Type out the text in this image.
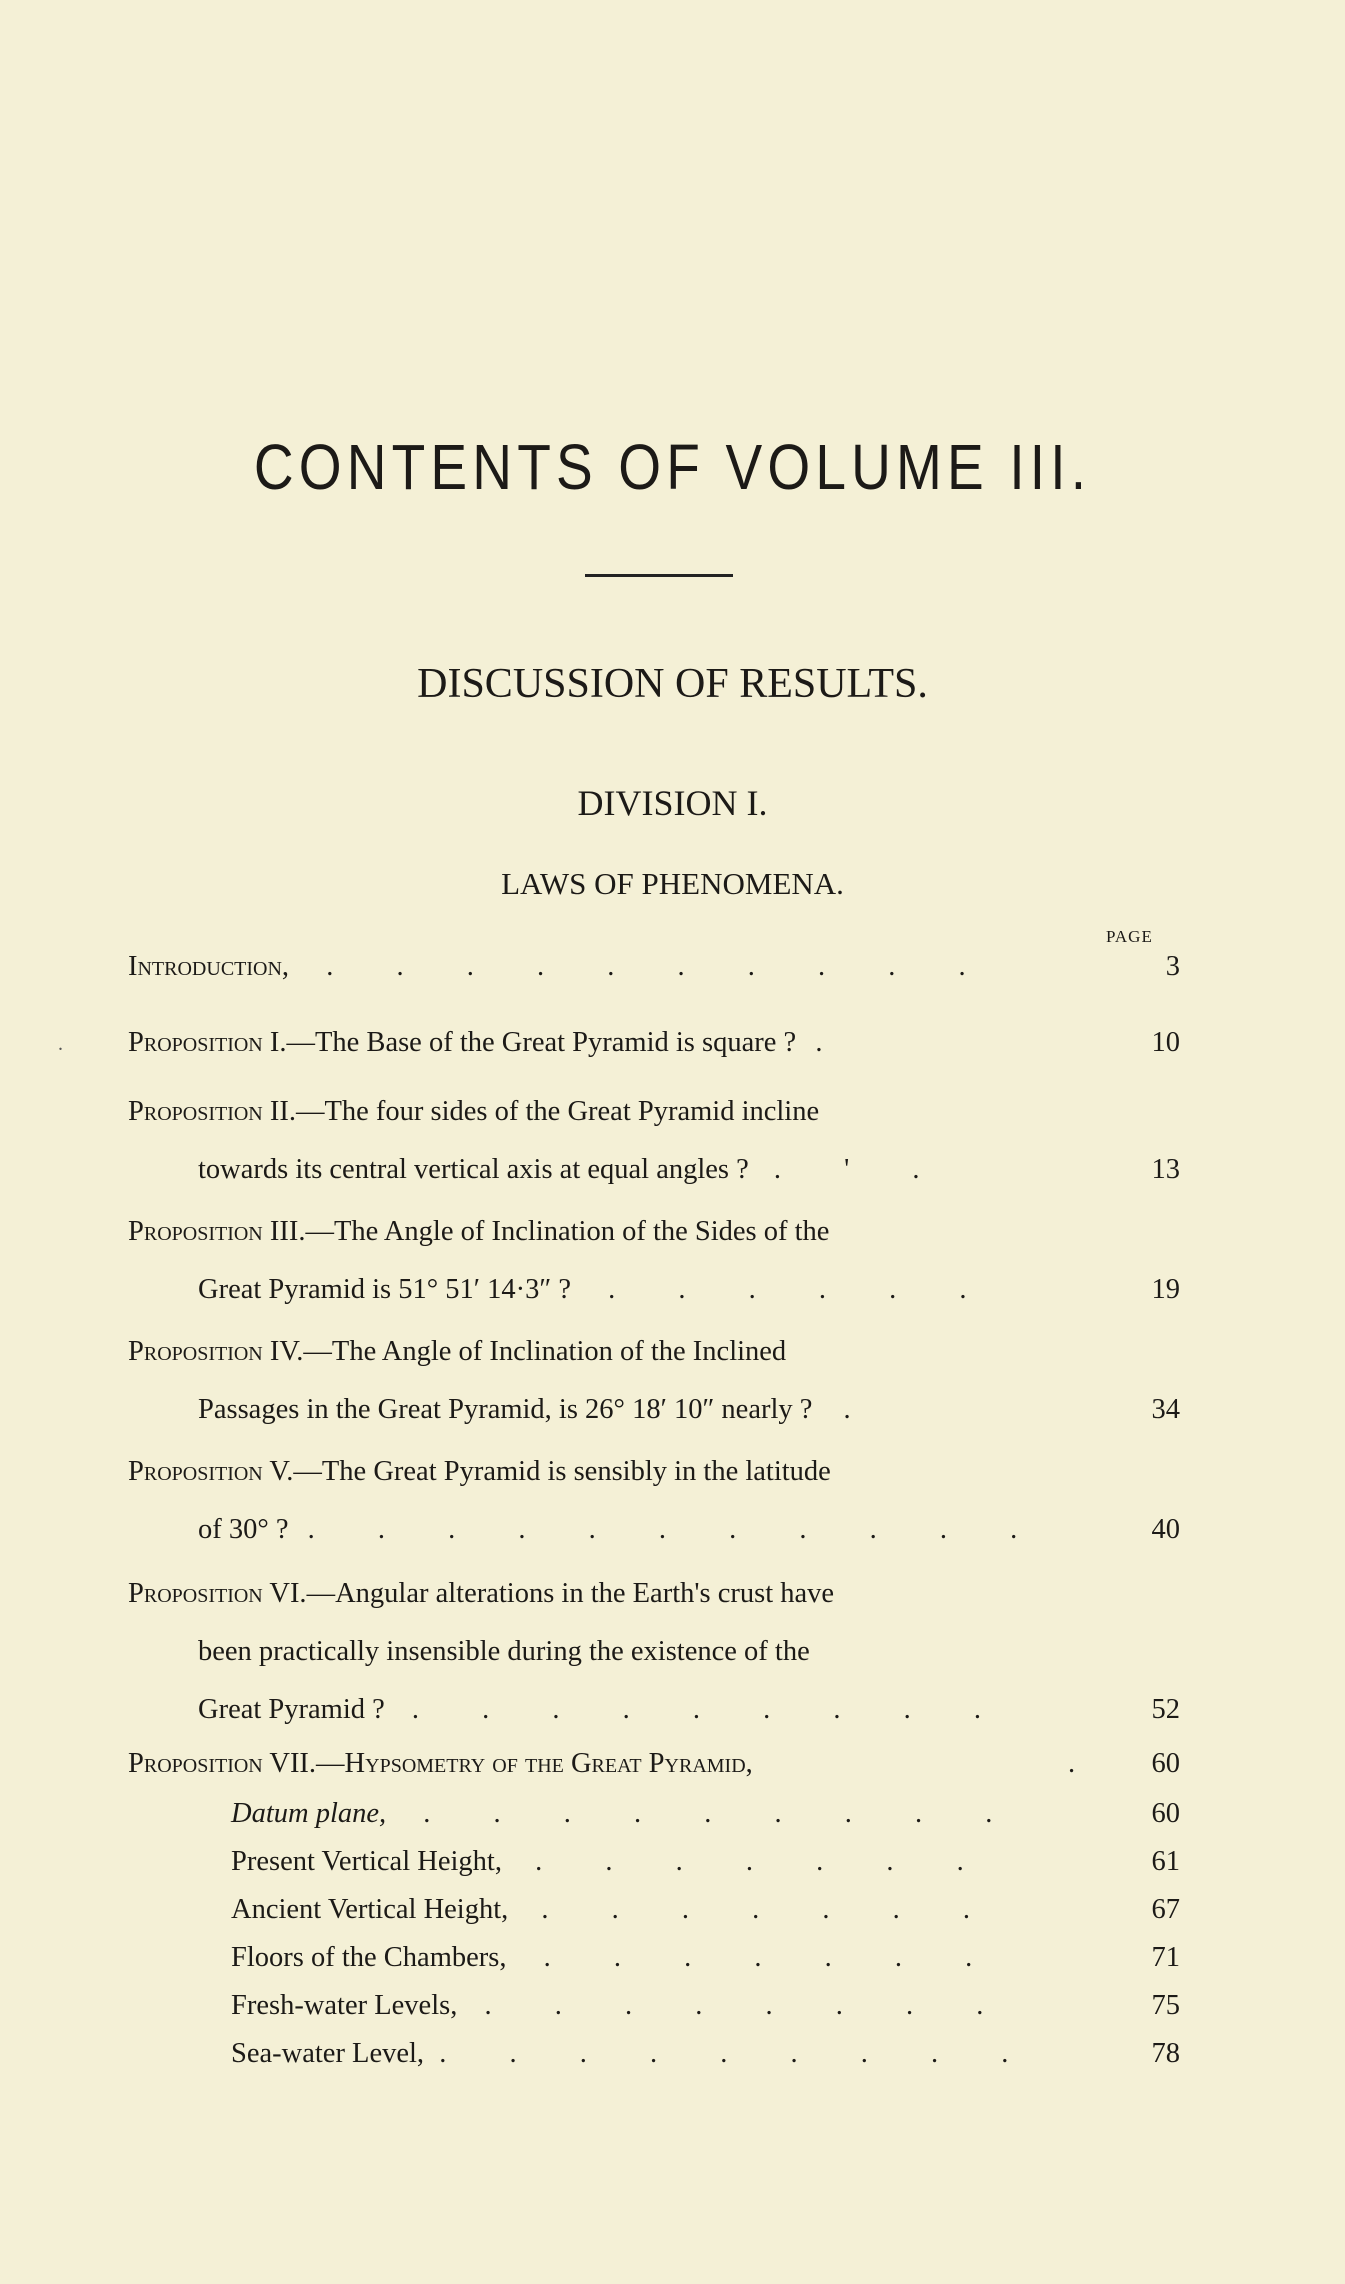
CONTENTS OF VOLUME III.
DISCUSSION OF RESULTS.
DIVISION I.
LAWS OF PHENOMENA.
PAGE
.
Introduction, . . . . . . . . . .	3
Proposition I.—The Base of the Great Pyramid is square ? .	10
Proposition II.—The four sides of the Great Pyramid incline
towards its central vertical axis at equal angles ? . ' .	13
Proposition III.—The Angle of Inclination of the Sides of the
Great Pyramid is 51° 51′ 14·3″ ? . . . . . .	19
Proposition IV.—The Angle of Inclination of the Inclined
Passages in the Great Pyramid, is 26° 18′ 10″ nearly ? .	34
Proposition V.—The Great Pyramid is sensibly in the latitude
of 30° ? . . . . . . . . . . .	40
Proposition VI.—Angular alterations in the Earth's crust have
been practically insensible during the existence of the
Great Pyramid ? . . . . . . . . .	52
Proposition VII.—Hypsometry of the Great Pyramid,	. 60
Datum plane, . . . . . . . . .	60
Present Vertical Height, . . . . . . .	61
Ancient Vertical Height, . . . . . . .	67
Floors of the Chambers, . . . . . . .	71
Fresh-water Levels, . . . . . . . .	75
Sea-water Level, . . . . . . . . .	78
